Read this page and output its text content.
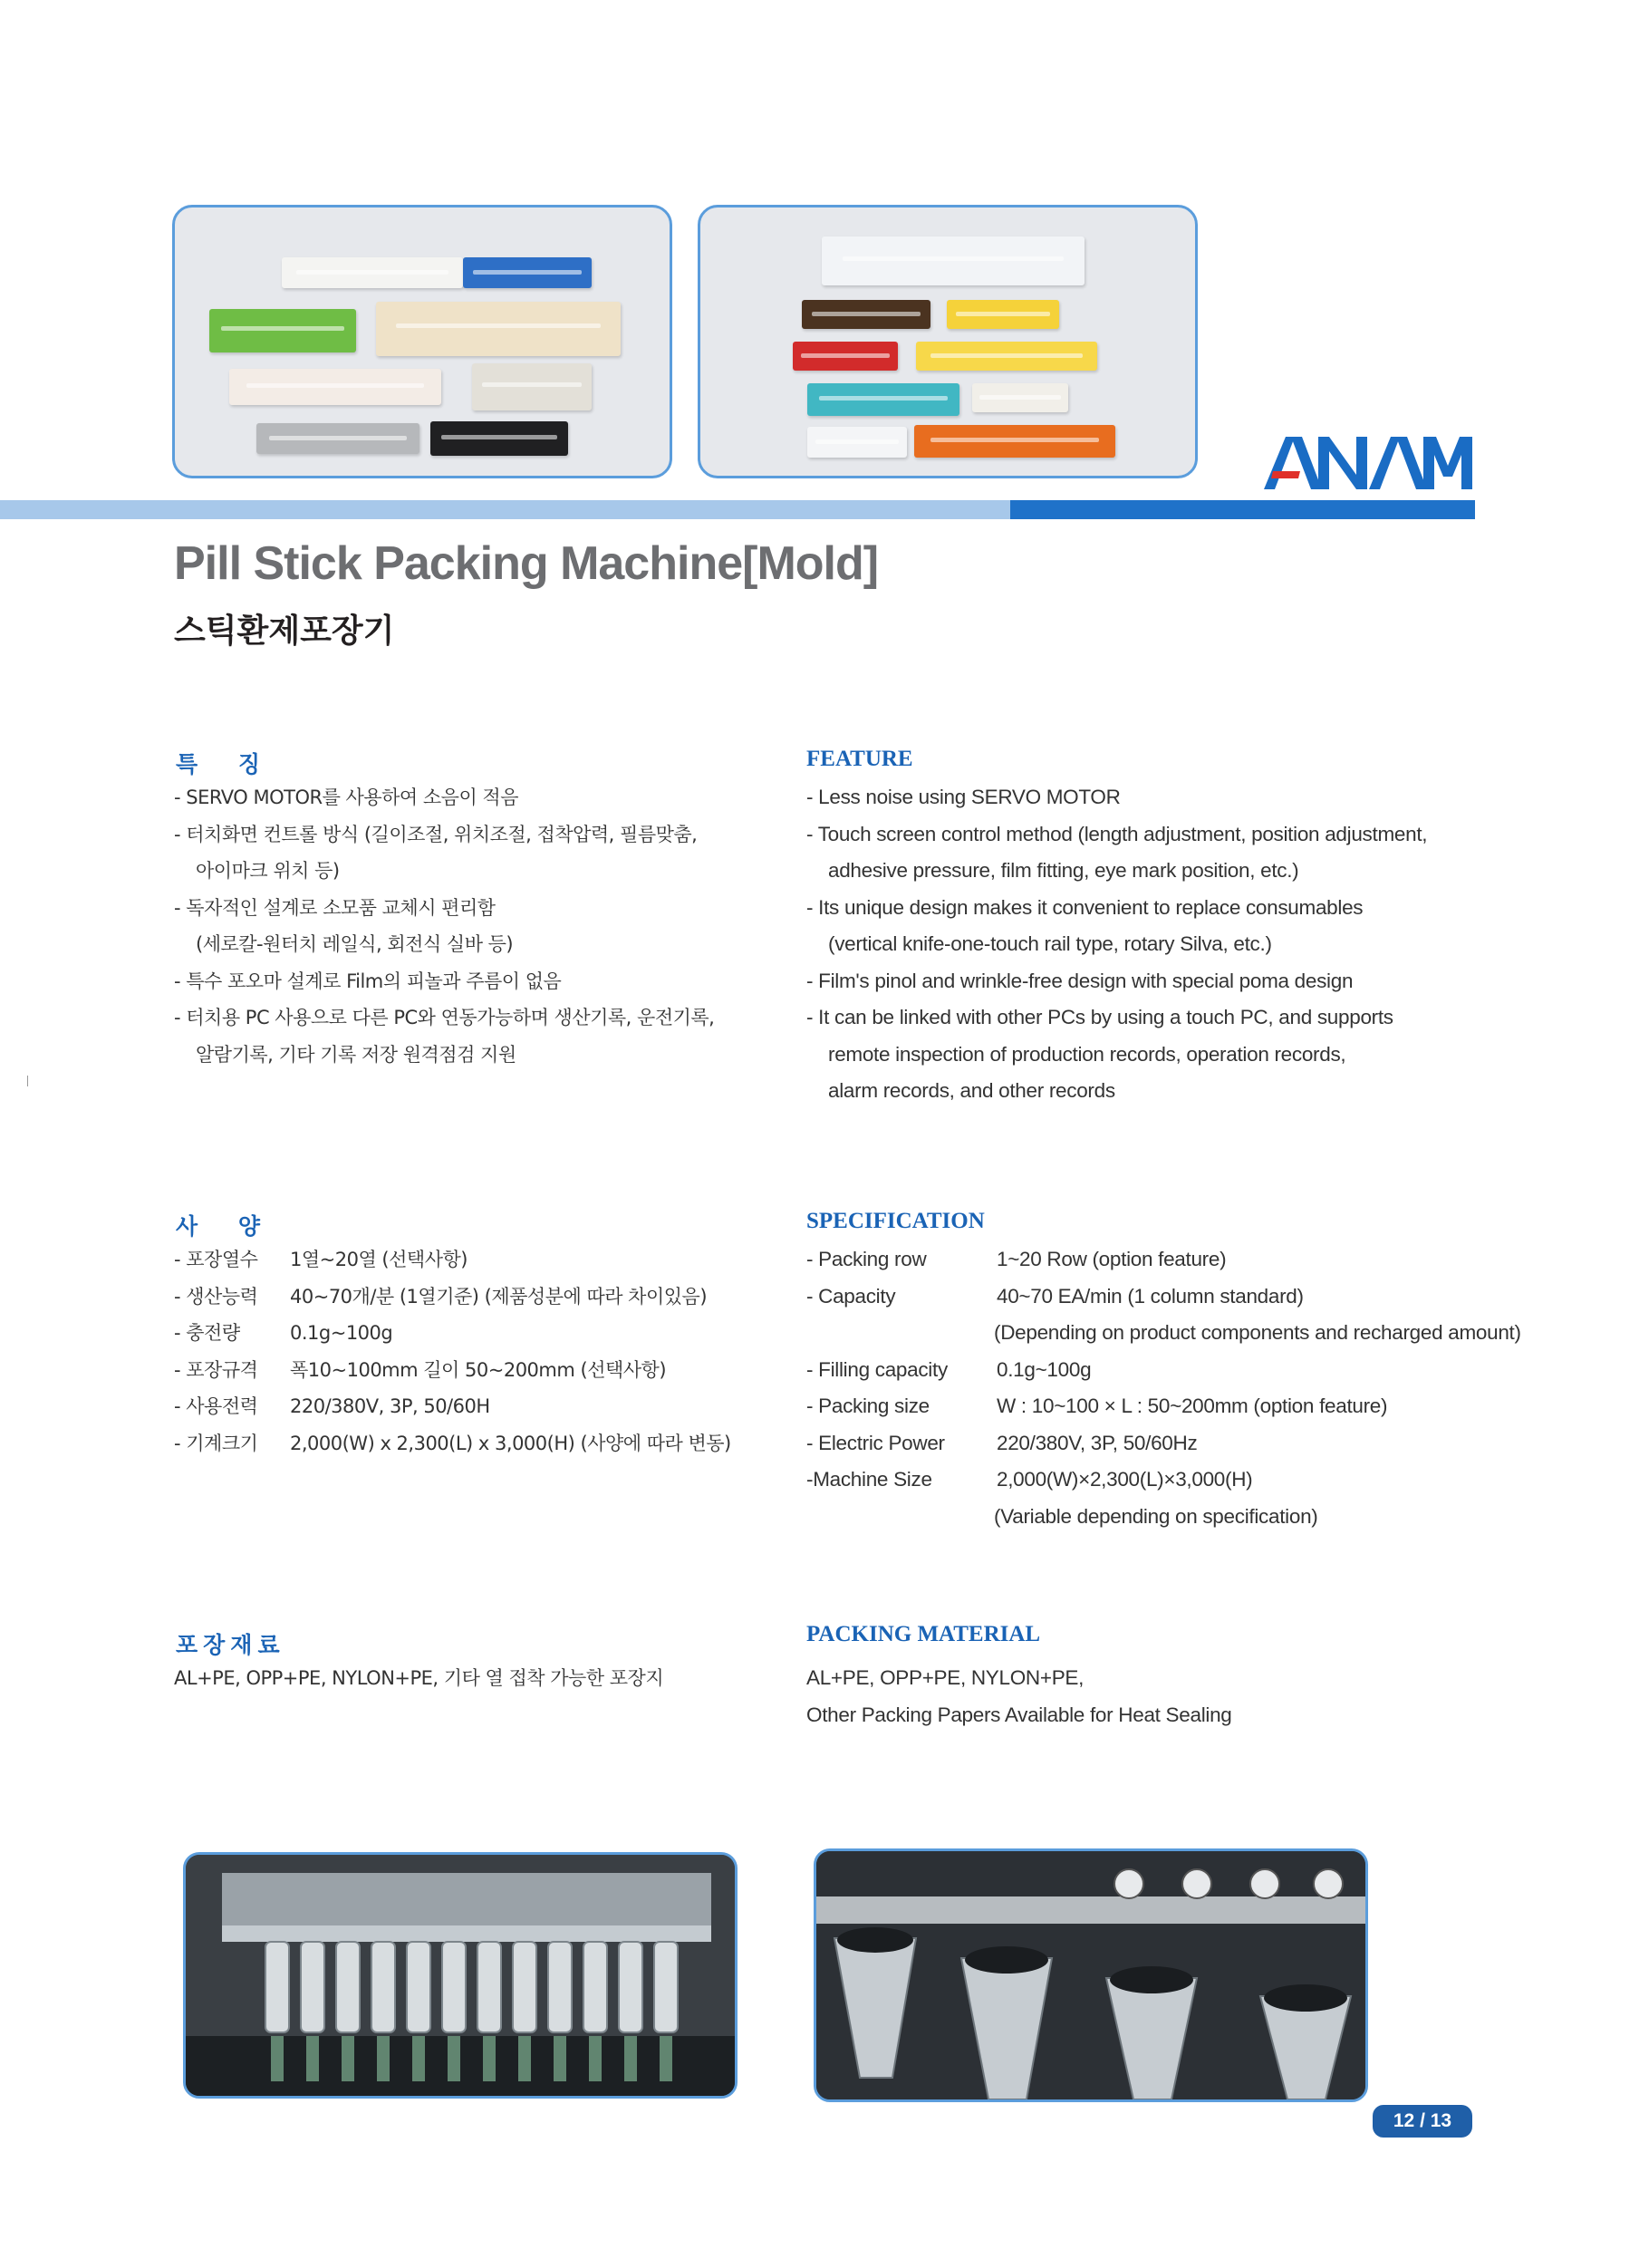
Pill Stick Packing Machine[Mold]
스틱환제포장기
특 징
- SERVO MOTOR를 사용하여 소음이 적음
- 터치화면 컨트롤 방식 (길이조절, 위치조절, 접착압력, 필름맞춤,
아이마크 위치 등)
- 독자적인 설계로 소모품 교체시 편리함
(세로칼-원터치 레일식, 회전식 실바 등)
- 특수 포오마 설계로 Film의 피놀과 주름이 없음
- 터치용 PC 사용으로 다른 PC와 연동가능하며 생산기록, 운전기록,
알람기록, 기타 기록 저장 원격점검 지원
FEATURE
- Less noise using SERVO MOTOR
- Touch screen control method (length adjustment, position adjustment,
adhesive pressure, film fitting, eye mark position, etc.)
- Its unique design makes it convenient to replace consumables
(vertical knife-one-touch rail type, rotary Silva, etc.)
- Film's pinol and wrinkle-free design with special poma design
- It can be linked with other PCs by using a touch PC, and supports
remote inspection of production records, operation records,
alarm records, and other records
사 양
- 포장열수	1열~20열 (선택사항)
- 생산능력	40~70개/분 (1열기준) (제품성분에 따라 차이있음)
- 충전량	0.1g~100g
- 포장규격	폭10~100mm 길이 50~200mm (선택사항)
- 사용전력	220/380V, 3P, 50/60H
- 기계크기	2,000(W) x 2,300(L) x 3,000(H) (사양에 따라 변동)
SPECIFICATION
- Packing row	1~20 Row (option feature)
- Capacity	40~70 EA/min (1 column standard)
(Depending on product components and recharged amount)
- Filling capacity	0.1g~100g
- Packing size	W : 10~100 × L : 50~200mm (option feature)
- Electric Power	220/380V, 3P, 50/60Hz
-Machine Size	2,000(W)×2,300(L)×3,000(H)
(Variable depending on specification)
포장재료
AL+PE, OPP+PE, NYLON+PE, 기타 열 접착 가능한 포장지
PACKING MATERIAL
AL+PE, OPP+PE, NYLON+PE,
Other Packing Papers Available for Heat Sealing
12 / 13
